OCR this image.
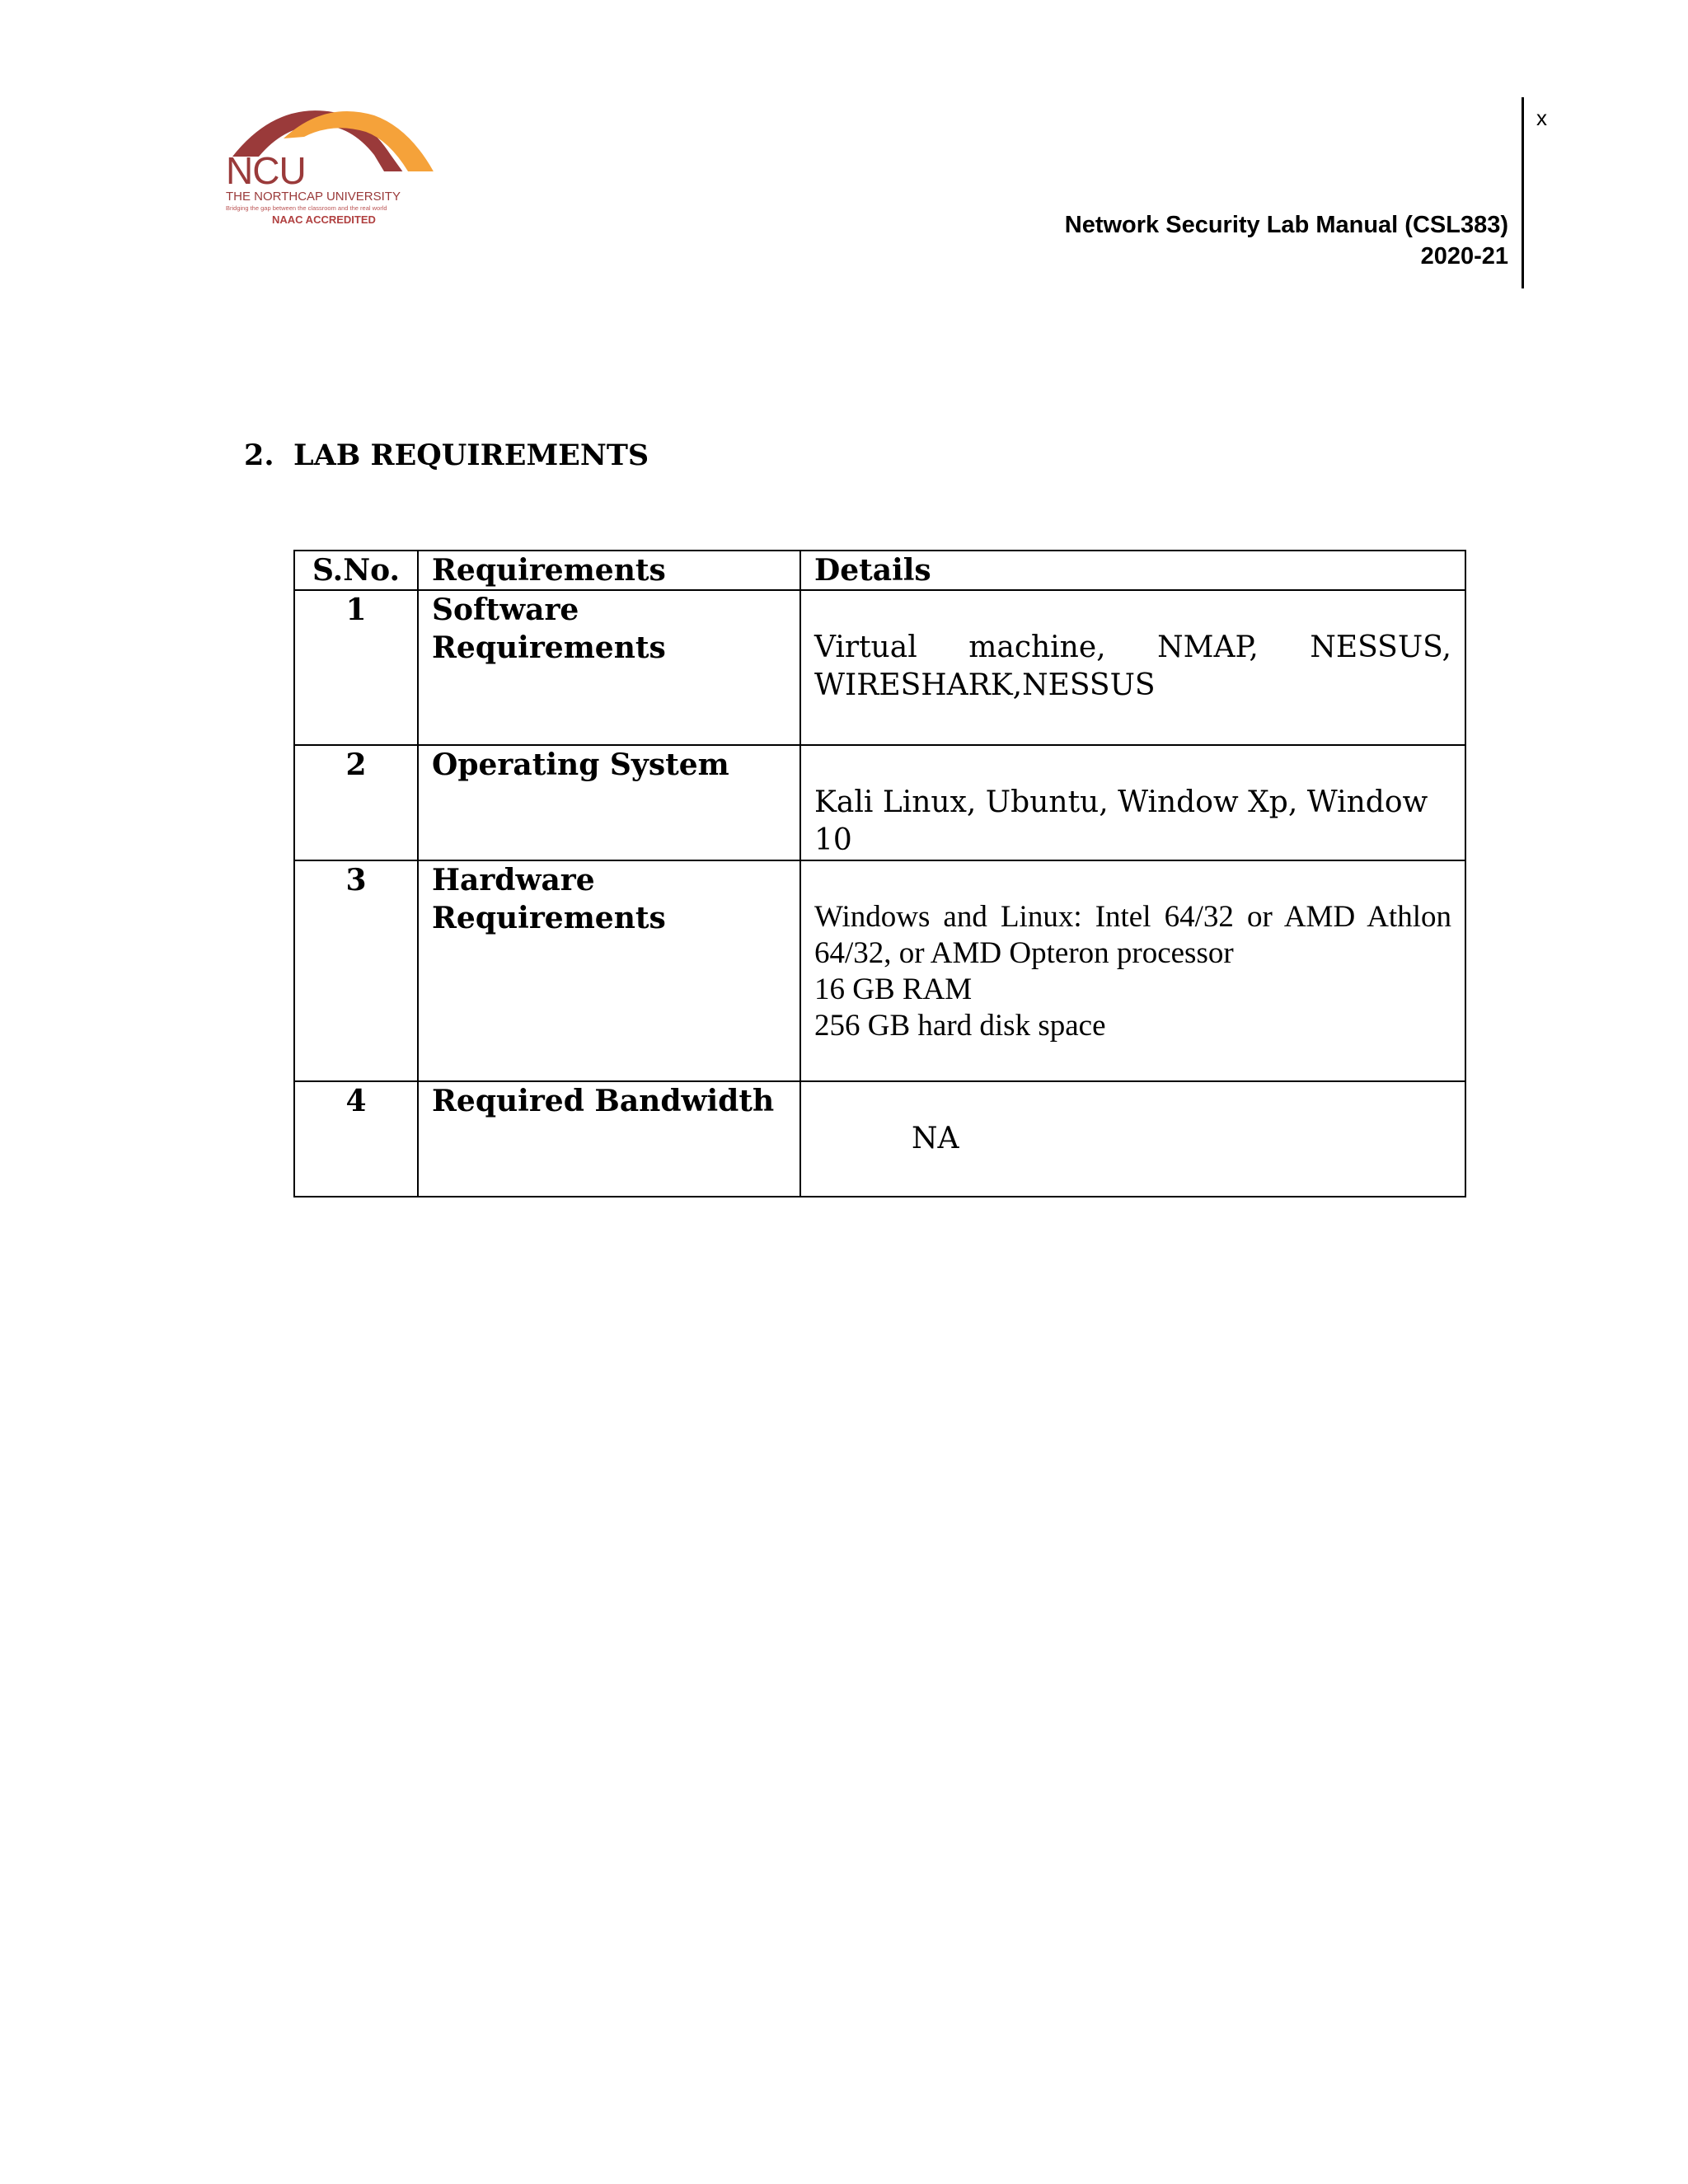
NCU
THE NORTHCAP UNIVERSITY
Bridging the gap between the classroom and the real world
NAAC ACCREDITED
x
Network Security Lab Manual (CSL383)
2020-21
2. LAB REQUIREMENTS
S.No.	Requirements	Details
1	Software Requirements	Virtual machine, NMAP, NESSUS, WIRESHARK,NESSUS

2	Operating System	Kali Linux, Ubuntu, Window Xp, Window 10

3	Hardware Requirements	Windows and Linux: Intel 64/32 or AMD Athlon 64/32, or AMD Opteron processor
16 GB RAM
256 GB hard disk space

4	Required Bandwidth	NA
